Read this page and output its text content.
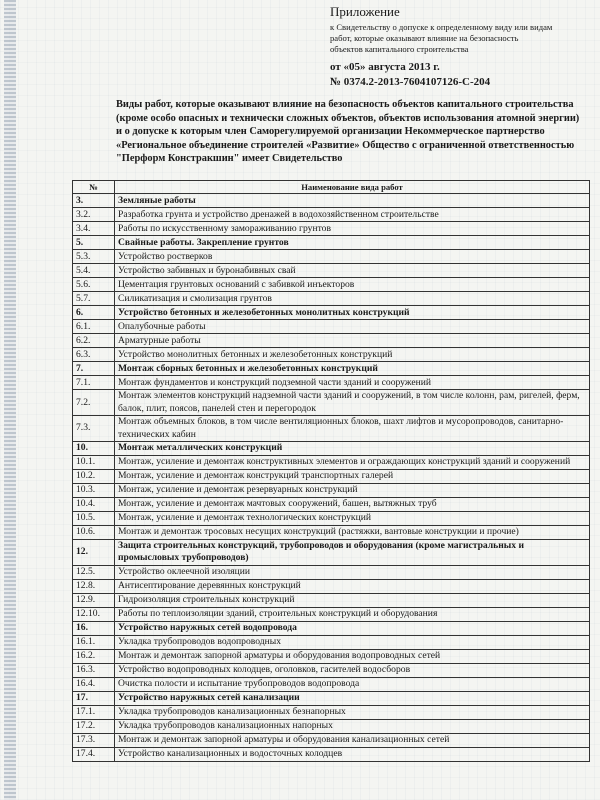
Приложение
к Свидетельству о допуске к определенному виду или видам
работ, которые оказывают влияние на безопасность
объектов капитального строительства
от «05» августа 2013 г.
№ 0374.2-2013-7604107126-С-204
Виды работ, которые оказывают влияние на безопасность объектов капитального строительства (кроме особо опасных и технически сложных объектов, объектов использования атомной энергии) и о допуске к которым член Саморегулируемой организации Некоммерческое партнерство «Региональное объединение строителей «Развитие» Общество с ограниченной ответственностью "Перформ Констракшин" имеет Свидетельство
№	Наименование вида работ
3.	Земляные работы
3.2.	Разработка грунта и устройство дренажей в водохозяйственном строительстве
3.4.	Работы по искусственному замораживанию грунтов
5.	Свайные работы. Закрепление грунтов
5.3.	Устройство ростверков
5.4.	Устройство забивных и буронабивных свай
5.6.	Цементация грунтовых оснований с забивкой инъекторов
5.7.	Силикатизация и смолизация грунтов
6.	Устройство бетонных и железобетонных монолитных конструкций
6.1.	Опалубочные работы
6.2.	Арматурные работы
6.3.	Устройство монолитных бетонных и железобетонных конструкций
7.	Монтаж сборных бетонных и железобетонных конструкций
7.1.	Монтаж фундаментов и конструкций подземной части зданий и сооружений
7.2.	Монтаж элементов конструкций надземной части зданий и сооружений, в том числе колонн, рам, ригелей, ферм, балок, плит, поясов, панелей стен и перегородок
7.3.	Монтаж объемных блоков, в том числе вентиляционных блоков, шахт лифтов и мусоропроводов, санитарно-технических кабин
10.	Монтаж металлических конструкций
10.1.	Монтаж, усиление и демонтаж конструктивных элементов и ограждающих конструкций зданий и сооружений
10.2.	Монтаж, усиление и демонтаж конструкций транспортных галерей
10.3.	Монтаж, усиление и демонтаж резервуарных конструкций
10.4.	Монтаж, усиление и демонтаж мачтовых сооружений, башен, вытяжных труб
10.5.	Монтаж, усиление и демонтаж технологических конструкций
10.6.	Монтаж и демонтаж тросовых несущих конструкций (растяжки, вантовые конструкции и прочие)
12.	Защита строительных конструкций, трубопроводов и оборудования (кроме магистральных и промысловых трубопроводов)
12.5.	Устройство оклеечной изоляции
12.8.	Антисептирование деревянных конструкций
12.9.	Гидроизоляция строительных конструкций
12.10.	Работы по теплоизоляции зданий, строительных конструкций и оборудования
16.	Устройство наружных сетей водопровода
16.1.	Укладка трубопроводов водопроводных
16.2.	Монтаж и демонтаж запорной арматуры и оборудования водопроводных сетей
16.3.	Устройство водопроводных колодцев, оголовков, гасителей водосборов
16.4.	Очистка полости и испытание трубопроводов водопровода
17.	Устройство наружных сетей канализации
17.1.	Укладка трубопроводов канализационных безнапорных
17.2.	Укладка трубопроводов канализационных напорных
17.3.	Монтаж и демонтаж запорной арматуры и оборудования канализационных сетей
17.4.	Устройство канализационных и водосточных колодцев
